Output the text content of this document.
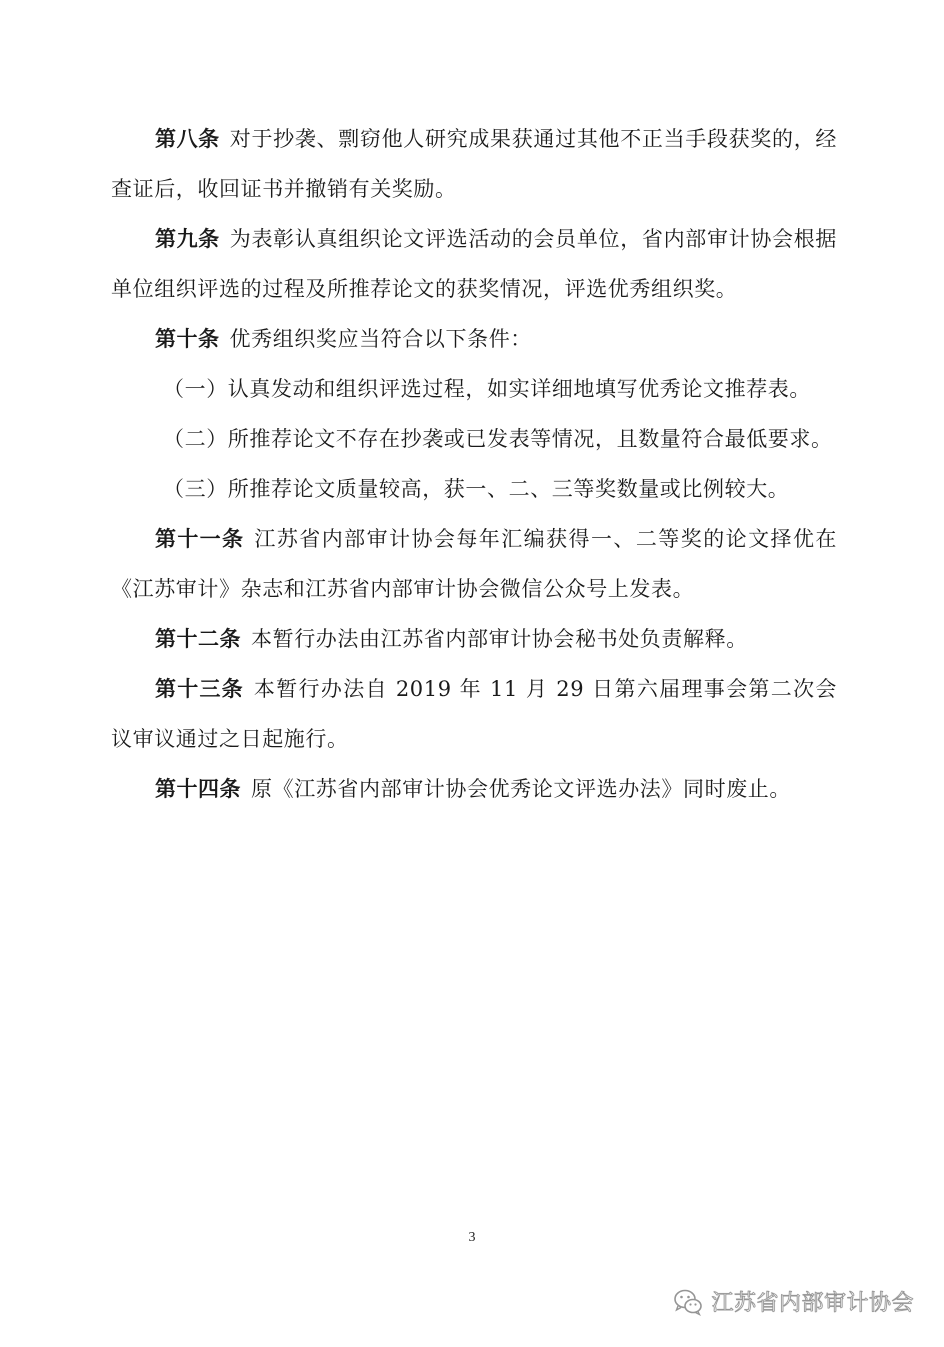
第八条 对于抄袭、剽窃他人研究成果获通过其他不正当手段获奖的，经查证后，收回证书并撤销有关奖励。

第九条 为表彰认真组织论文评选活动的会员单位，省内部审计协会根据单位组织评选的过程及所推荐论文的获奖情况，评选优秀组织奖。

第十条 优秀组织奖应当符合以下条件：

（一）认真发动和组织评选过程，如实详细地填写优秀论文推荐表。

（二）所推荐论文不存在抄袭或已发表等情况，且数量符合最低要求。

（三）所推荐论文质量较高，获一、二、三等奖数量或比例较大。

第十一条 江苏省内部审计协会每年汇编获得一、二等奖的论文择优在《江苏审计》杂志和江苏省内部审计协会微信公众号上发表。

第十二条 本暂行办法由江苏省内部审计协会秘书处负责解释。

第十三条 本暂行办法自 2019 年 11 月 29 日第六届理事会第二次会议审议通过之日起施行。

第十四条 原《江苏省内部审计协会优秀论文评选办法》同时废止。

3
江苏省内部审计协会
